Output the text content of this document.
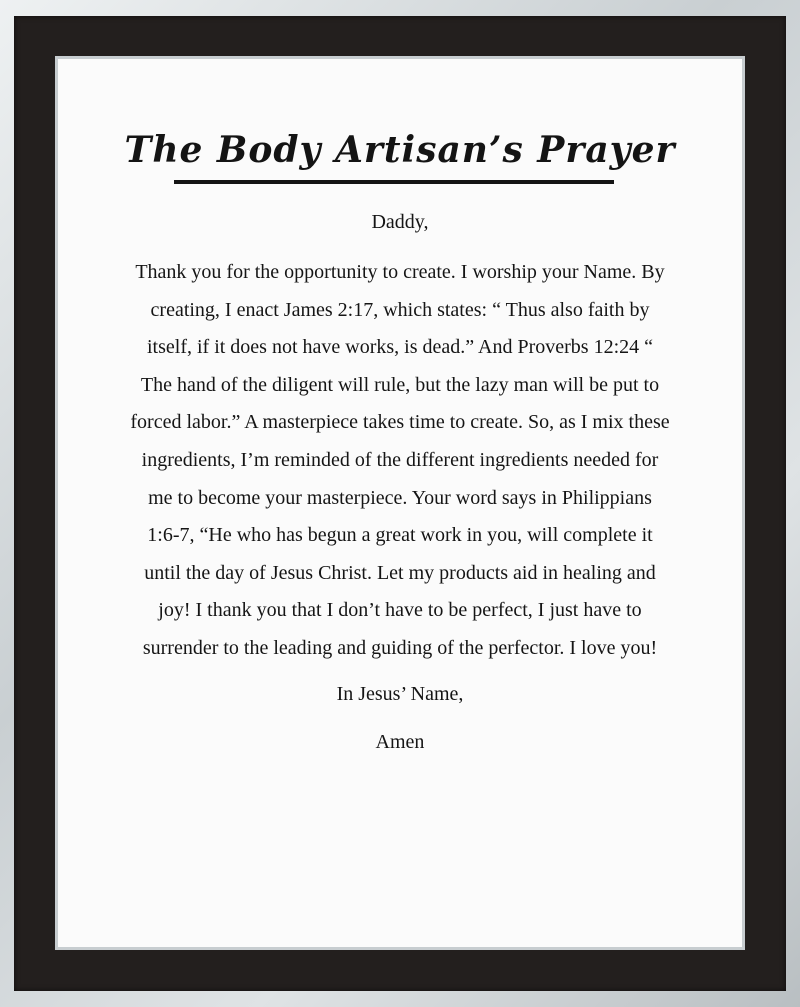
The Body Artisan’s Prayer

Daddy,

Thank you for the opportunity to create. I worship your Name. By creating, I enact James 2:17, which states: “ Thus also faith by itself, if it does not have works, is dead.” And Proverbs 12:24 “ The hand of the diligent will rule, but the lazy man will be put to forced labor.” A masterpiece takes time to create. So, as I mix these ingredients, I’m reminded of the different ingredients needed for me to become your masterpiece. Your word says in Philippians 1:6-7, “He who has begun a great work in you, will complete it until the day of Jesus Christ. Let my products aid in healing and joy! I thank you that I don’t have to be perfect, I just have to surrender to the leading and guiding of the perfector. I love you!

In Jesus’ Name,

Amen
